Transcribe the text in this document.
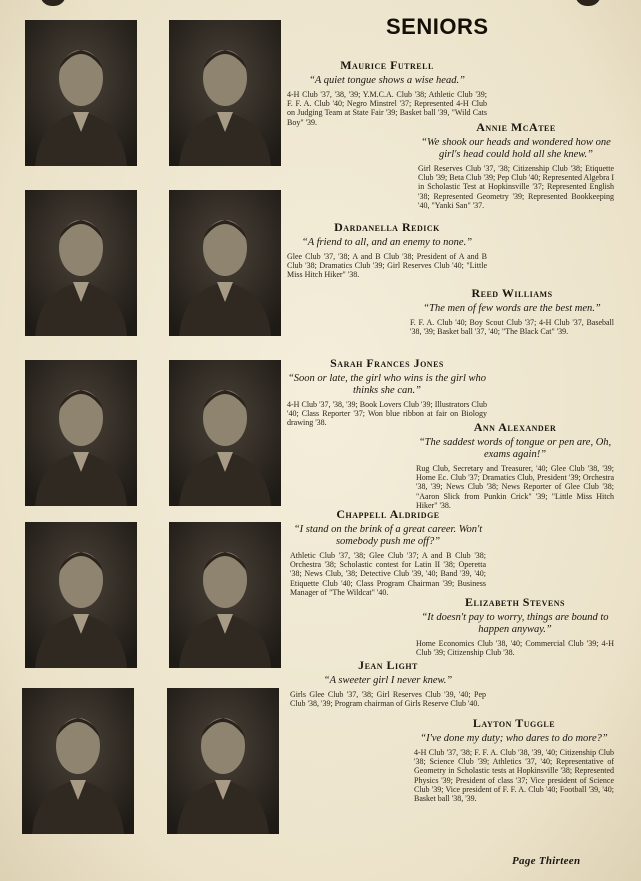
SENIORS
Maurice Futrell
“A quiet tongue shows a wise head.”
4-H Club '37, '38, '39; Y.M.C.A. Club '38; Athletic Club '39; F. F. A. Club '40; Negro Minstrel '37; Represented 4-H Club on Judging Team at State Fair '39; Basket ball '39, "Wild Cats Boy" '39.	Annie McAtee
“We shook our heads and wondered how one girl's head could hold all she knew.”
Girl Reserves Club '37, '38; Citizenship Club '38; Etiquette Club '39; Beta Club '39; Pep Club '40; Represented Algebra I in Scholastic Test at Hopkinsville '37; Represented English '38; Represented Geometry '39; Represented Bookkeeping '40, "Yanki San" '37.
Dardanella Redick
“A friend to all, and an enemy to none.”
Glee Club '37, '38; A and B Club '38; President of A and B Club '38; Dramatics Club '39; Girl Reserves Club '40; "Little Miss Hitch Hiker" '38.
Reed Williams
“The men of few words are the best men.”
F. F. A. Club '40; Boy Scout Club '37; 4-H Club '37, Baseball '38, '39; Basket ball '37, '40; "The Black Cat" '39.
Sarah Frances Jones
“Soon or late, the girl who wins is the girl who thinks she can.”
4-H Club '37, '38, '39; Book Lovers Club '39; Illustrators Club '40; Class Reporter '37; Won blue ribbon at fair on Biology drawing '38.	Ann Alexander
“The saddest words of tongue or pen are, Oh, exams again!”
Rug Club, Secretary and Treasurer, '40; Glee Club '38, '39; Home Ec. Club '37; Dramatics Club, President '39; Orchestra '38, '39; News Club '38; News Reporter of Glee Club '38; "Aaron Slick from Punkin Crick" '39; "Little Miss Hitch Hiker" '38.
Chappell Aldridge
“I stand on the brink of a great career. Won't somebody push me off?”
Athletic Club '37, '38; Glee Club '37; A and B Club '38; Orchestra '38; Scholastic contest for Latin II '38; Operetta '38; News Club, '38; Detective Club '39, '40; Band '39, '40; Etiquette Club '40; Class Program Chairman '39; Business Manager of "The Wildcat" '40.
Elizabeth Stevens
“It doesn't pay to worry, things are bound to happen anyway.”
Home Economics Club '38, '40; Commercial Club '39; 4-H Club '39; Citizenship Club '38.
Jean Light
“A sweeter girl I never knew.”
Girls Glee Club '37, '38; Girl Reserves Club '39, '40; Pep Club '38, '39; Program chairman of Girls Reserve Club '40.
Layton Tuggle
“I've done my duty; who dares to do more?”
4-H Club '37, '38; F. F. A. Club '38, '39, '40; Citizenship Club '38; Science Club '39; Athletics '37, '40; Representative of Geometry in Scholastic tests at Hopkinsville '38; Represented Physics '39; President of class '37; Vice president of Science Club '39; Vice president of F. F. A. Club '40; Football '39, '40; Basket ball '38, '39.
Page Thirteen
